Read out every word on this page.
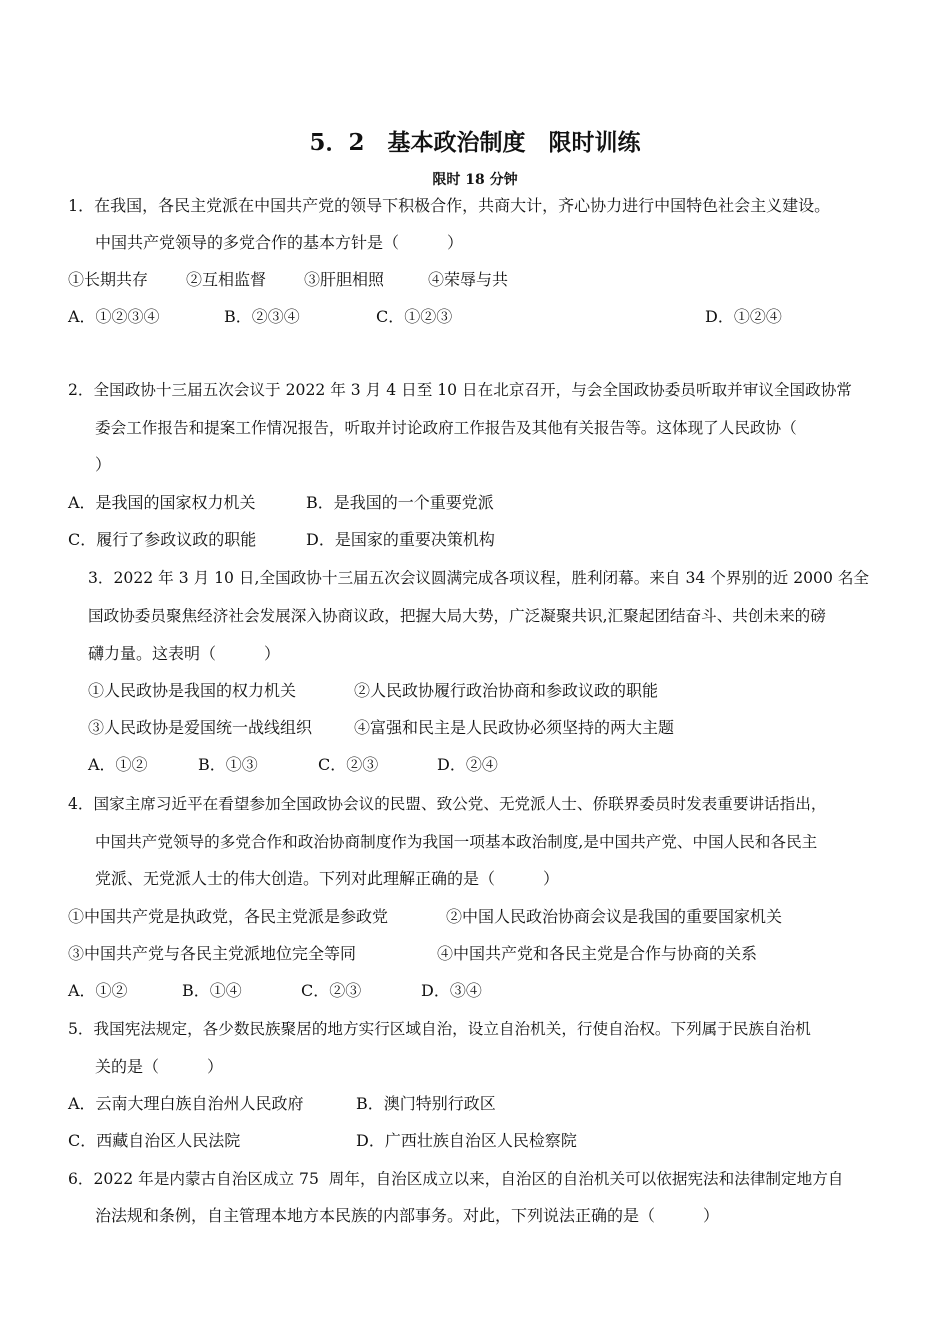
5．2　基本政治制度　限时训练
限时 18 分钟
1．在我国，各民主党派在中国共产党的领导下积极合作，共商大计，齐心协力进行中国特色社会主义建设。
中国共产党领导的多党合作的基本方针是（　　　）
①长期共存 ②互相监督 ③肝胆相照	④荣辱与共
A．①②③④	B．②③④	C．①②③	D．①②④
2．全国政协十三届五次会议于 2022 年 3 月 4 日至 10 日在北京召开，与会全国政协委员听取并审议全国政协常
委会工作报告和提案工作情况报告，听取并讨论政府工作报告及其他有关报告等。这体现了人民政协（
）
A．是我国的国家权力机关	B．是我国的一个重要党派
C．履行了参政议政的职能	D．是国家的重要决策机构
3．2022 年 3 月 10 日,全国政协十三届五次会议圆满完成各项议程，胜利闭幕。来自 34 个界别的近 2000 名全
国政协委员聚焦经济社会发展深入协商议政，把握大局大势，广泛凝聚共识,汇聚起团结奋斗、共创未来的磅
礴力量。这表明（　　　）
①人民政协是我国的权力机关	②人民政协履行政治协商和参政议政的职能
③人民政协是爱国统一战线组织	④富强和民主是人民政协必须坚持的两大主题
A．①②	B．①③	C．②③	D．②④
4．国家主席习近平在看望参加全国政协会议的民盟、致公党、无党派人士、侨联界委员时发表重要讲话指出，
中国共产党领导的多党合作和政治协商制度作为我国一项基本政治制度,是中国共产党、中国人民和各民主
党派、无党派人士的伟大创造。下列对此理解正确的是（　　　）
①中国共产党是执政党，各民主党派是参政党	②中国人民政治协商会议是我国的重要国家机关
③中国共产党与各民主党派地位完全等同	④中国共产党和各民主党是合作与协商的关系
A．①②	B．①④	C．②③	D．③④
5．我国宪法规定，各少数民族聚居的地方实行区域自治，设立自治机关，行使自治权。下列属于民族自治机
关的是（　　　）
A．云南大理白族自治州人民政府	B．澳门特别行政区
C．西藏自治区人民法院	D．广西壮族自治区人民检察院
6．2022 年是内蒙古自治区成立 75  周年，自治区成立以来，自治区的自治机关可以依据宪法和法律制定地方自
治法规和条例，自主管理本地方本民族的内部事务。对此，下列说法正确的是（　　　）
